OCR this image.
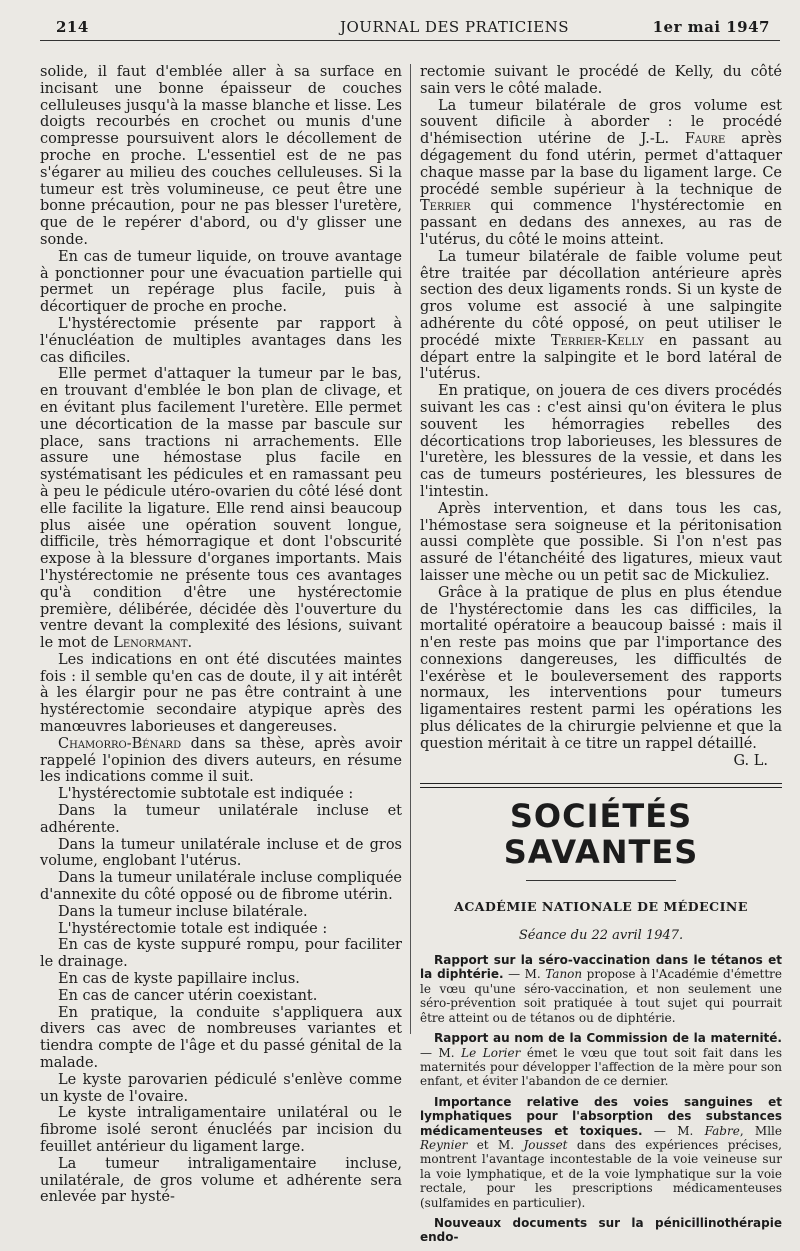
214	JOURNAL DES PRATICIENS	1er mai 1947

solide, il faut d'emblée aller à sa surface en incisant une bonne épaisseur de couches celluleuses jusqu'à la masse blanche et lisse. Les doigts recourbés en crochet ou munis d'une compresse poursuivent alors le décollement de proche en proche. L'essentiel est de ne pas s'égarer au milieu des couches celluleuses. Si la tumeur est très volumineuse, ce peut être une bonne précaution, pour ne pas blesser l'uretère, que de le repérer d'abord, ou d'y glisser une sonde.

En cas de tumeur liquide, on trouve avantage à ponctionner pour une évacuation partielle qui permet un repérage plus facile, puis à décortiquer de proche en proche.

L'hystérectomie présente par rapport à l'énucléation de multiples avantages dans les cas dificiles.

Elle permet d'attaquer la tumeur par le bas, en trouvant d'emblée le bon plan de clivage, et en évitant plus facilement l'uretère. Elle permet une décortication de la masse par bascule sur place, sans tractions ni arrachements. Elle assure une hémostase plus facile en systématisant les pédicules et en ramassant peu à peu le pédicule utéro-ovarien du côté lésé dont elle facilite la ligature. Elle rend ainsi beaucoup plus aisée une opération souvent longue, difficile, très hémorragique et dont l'obscurité expose à la blessure d'organes importants. Mais l'hystérectomie ne présente tous ces avantages qu'à condition d'être une hystérectomie première, délibérée, décidée dès l'ouverture du ventre devant la complexité des lésions, suivant le mot de Lenormant.

Les indications en ont été discutées maintes fois : il semble qu'en cas de doute, il y ait intérêt à les élargir pour ne pas être contraint à une hystérectomie secondaire atypique après des manœuvres laborieuses et dangereuses.

Chamorro-Bénard dans sa thèse, après avoir rappelé l'opinion des divers auteurs, en résume les indications comme il suit.

L'hystérectomie subtotale est indiquée :

Dans la tumeur unilatérale incluse et adhérente.

Dans la tumeur unilatérale incluse et de gros volume, englobant l'utérus.

Dans la tumeur unilatérale incluse compliquée d'annexite du côté opposé ou de fibrome utérin.

Dans la tumeur incluse bilatérale.

L'hystérectomie totale est indiquée :

En cas de kyste suppuré rompu, pour faciliter le drainage.

En cas de kyste papillaire inclus.

En cas de cancer utérin coexistant.

En pratique, la conduite s'appliquera aux divers cas avec de nombreuses variantes et tiendra compte de l'âge et du passé génital de la malade.

Le kyste parovarien pédiculé s'enlève comme un kyste de l'ovaire.

Le kyste intraligamentaire unilatéral ou le fibrome isolé seront énucléés par incision du feuillet antérieur du ligament large.

La tumeur intraligamentaire incluse, unilatérale, de gros volume et adhérente sera enlevée par hysté-

rectomie suivant le procédé de Kelly, du côté sain vers le côté malade.

La tumeur bilatérale de gros volume est souvent dificile à aborder : le procédé d'hémisection utérine de J.-L. Faure après dégagement du fond utérin, permet d'attaquer chaque masse par la base du ligament large. Ce procédé semble supérieur à la technique de Terrier qui commence l'hystérectomie en passant en dedans des annexes, au ras de l'utérus, du côté le moins atteint.

La tumeur bilatérale de faible volume peut être traitée par décollation antérieure après section des deux ligaments ronds. Si un kyste de gros volume est associé à une salpingite adhérente du côté opposé, on peut utiliser le procédé mixte Terrier-Kelly en passant au départ entre la salpingite et le bord latéral de l'utérus.

En pratique, on jouera de ces divers procédés suivant les cas : c'est ainsi qu'on évitera le plus souvent les hémorragies rebelles des décortications trop laborieuses, les blessures de l'uretère, les blessures de la vessie, et dans les cas de tumeurs postérieures, les blessures de l'intestin.

Après intervention, et dans tous les cas, l'hémostase sera soigneuse et la péritonisation aussi complète que possible. Si l'on n'est pas assuré de l'étanchéité des ligatures, mieux vaut laisser une mèche ou un petit sac de Mickuliez.

Grâce à la pratique de plus en plus étendue de l'hystérectomie dans les cas difficiles, la mortalité opératoire a beaucoup baissé : mais il n'en reste pas moins que par l'importance des connexions dangereuses, les difficultés de l'exérèse et le bouleversement des rapports normaux, les interventions pour tumeurs ligamentaires restent parmi les opérations les plus délicates de la chirurgie pelvienne et que la question méritait à ce titre un rappel détaillé.

G. L.

SOCIÉTÉS SAVANTES
ACADÉMIE NATIONALE DE MÉDECINE
Séance du 22 avril 1947.

Rapport sur la séro-vaccination dans le tétanos et la diphtérie. — M. Tanon propose à l'Académie d'émettre le vœu qu'une séro-vaccination, et non seulement une séro-prévention soit pratiquée à tout sujet qui pourrait être atteint ou de tétanos ou de diphtérie.

Rapport au nom de la Commission de la maternité. — M. Le Lorier émet le vœu que tout soit fait dans les maternités pour développer l'affection de la mère pour son enfant, et éviter l'abandon de ce dernier.

Importance relative des voies sanguines et lymphatiques pour l'absorption des substances médicamenteuses et toxiques. — M. Fabre, Mlle Reynier et M. Jousset dans des expériences précises, montrent l'avantage incontestable de la voie veineuse sur la voie lymphatique, et de la voie lymphatique sur la voie rectale, pour les prescriptions médicamenteuses (sulfamides en particulier).

Nouveaux documents sur la pénicillinothérapie endo-
